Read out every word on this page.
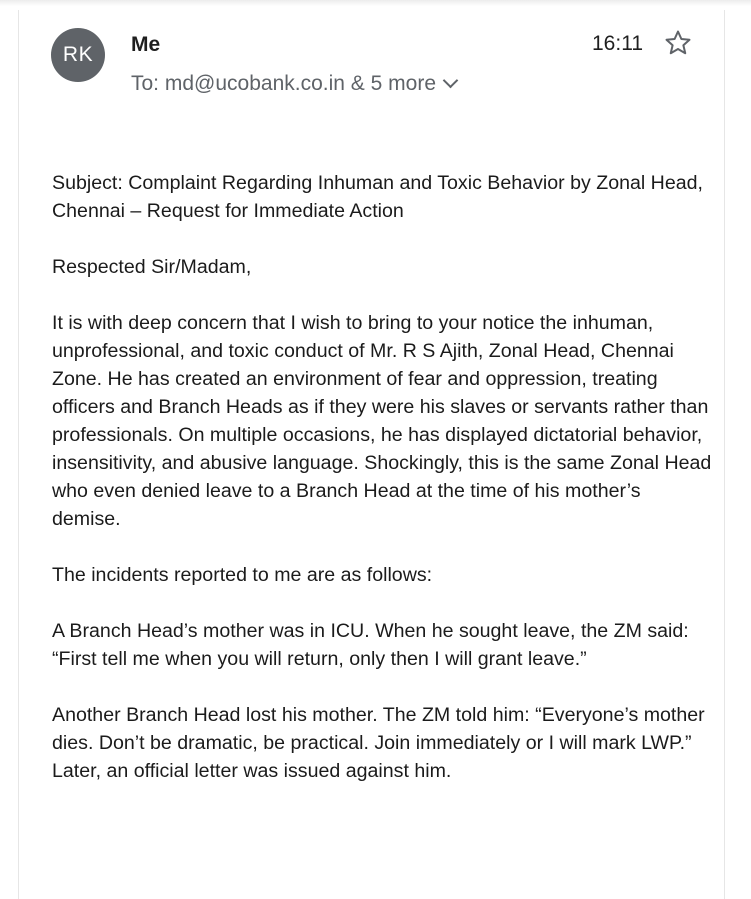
RK	Me
To:
md@ucobank.co.in
& 5 more
16:11

Subject: Complaint Regarding Inhuman and Toxic Behavior by Zonal Head, Chennai – Request for Immediate Action

Respected Sir/Madam,

It is with deep concern that I wish to bring to your notice the inhuman, unprofessional, and toxic conduct of Mr. R S Ajith, Zonal Head, Chennai Zone. He has created an environment of fear and oppression, treating officers and Branch Heads as if they were his slaves or servants rather than professionals. On multiple occasions, he has displayed dictatorial behavior, insensitivity, and abusive language. Shockingly, this is the same Zonal Head who even denied leave to a Branch Head at the time of his mother’s demise.

The incidents reported to me are as follows:

A Branch Head’s mother was in ICU. When he sought leave, the ZM said: “First tell me when you will return, only then I will grant leave.”

Another Branch Head lost his mother. The ZM told him: “Everyone’s mother dies. Don’t be dramatic, be practical. Join immediately or I will mark LWP.” Later, an official letter was issued against him.
